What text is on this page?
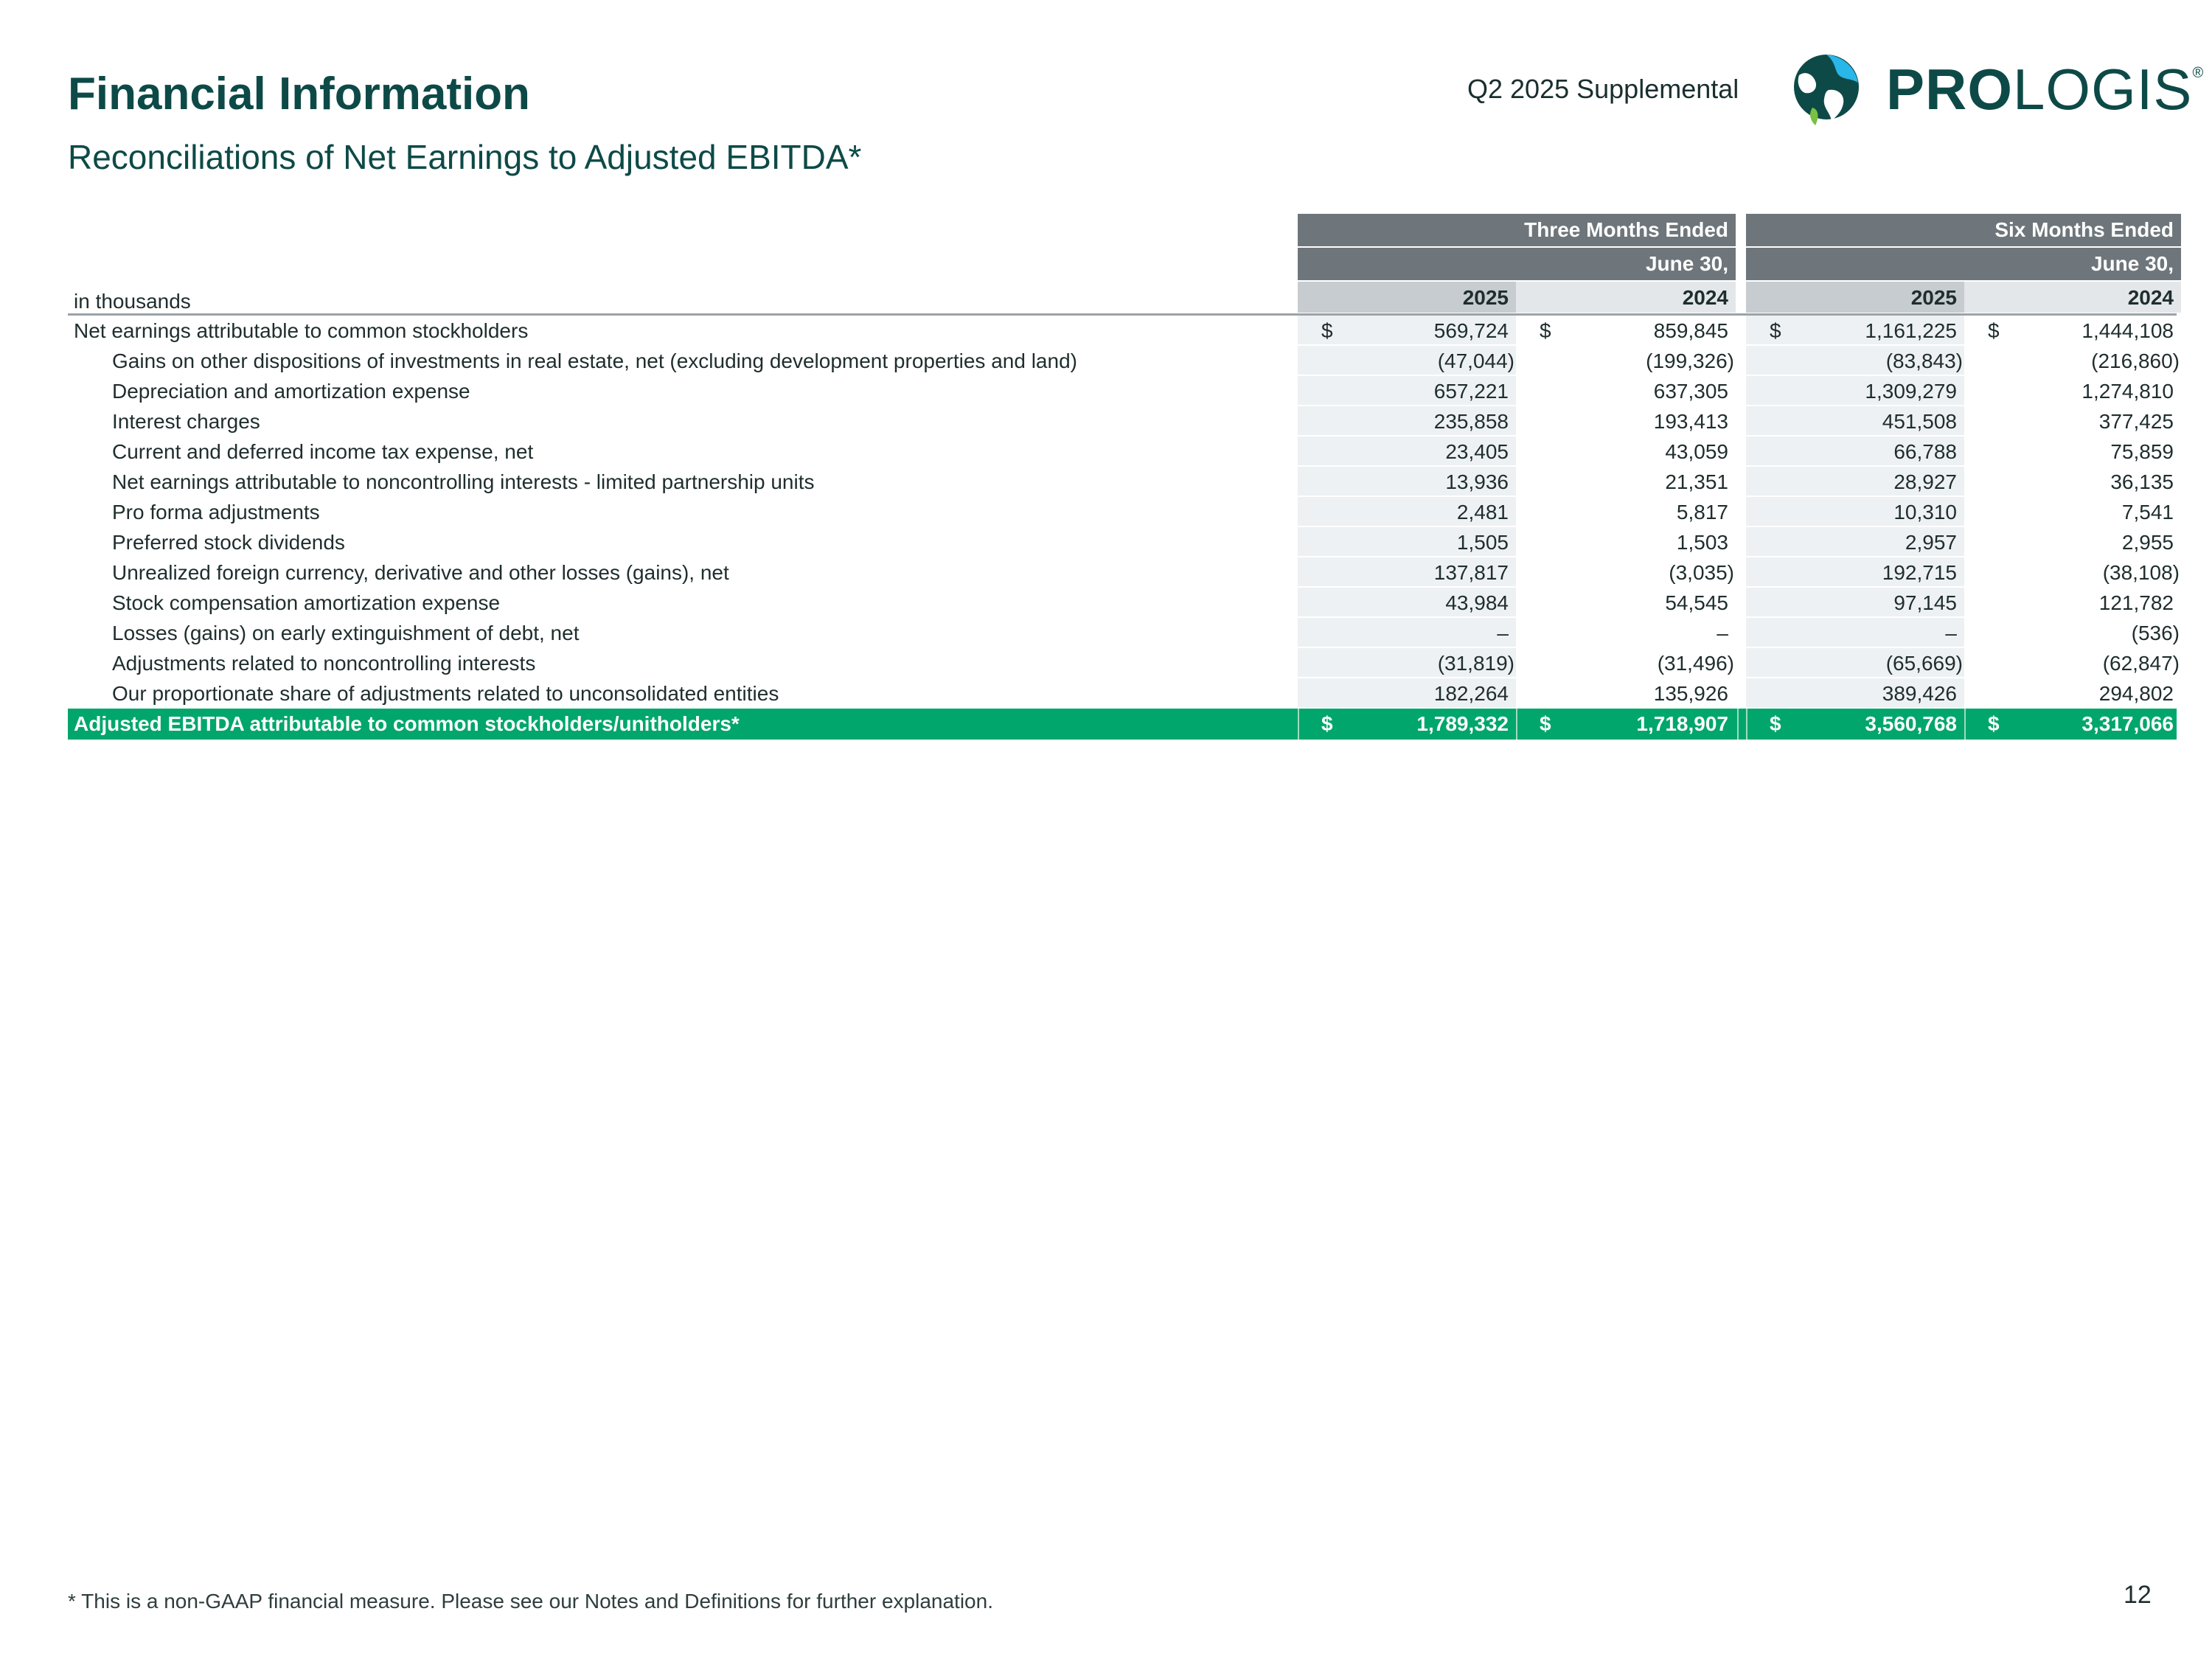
Financial Information
Reconciliations of Net Earnings to Adjusted EBITDA*
Q2 2025 Supplemental	PROLOGIS®
Three Months Ended	Six Months Ended
June 30,	June 30,
in thousands	2025	2024	2025	2024
Net earnings attributable to common stockholders	$	569,724	$	859,845	$	1,161,225	$	1,444,108
Gains on other dispositions of investments in real estate, net (excluding development properties and land)	(47,044)	(199,326)	(83,843)	(216,860)
Depreciation and amortization expense	657,221	637,305	1,309,279	1,274,810
Interest charges	235,858	193,413	451,508	377,425
Current and deferred income tax expense, net	23,405	43,059	66,788	75,859
Net earnings attributable to noncontrolling interests - limited partnership units	13,936	21,351	28,927	36,135
Pro forma adjustments	2,481	5,817	10,310	7,541
Preferred stock dividends	1,505	1,503	2,957	2,955
Unrealized foreign currency, derivative and other losses (gains), net	137,817	(3,035)	192,715	(38,108)
Stock compensation amortization expense	43,984	54,545	97,145	121,782
Losses (gains) on early extinguishment of debt, net	–	–	–	(536)
Adjustments related to noncontrolling interests	(31,819)	(31,496)	(65,669)	(62,847)
Our proportionate share of adjustments related to unconsolidated entities	182,264	135,926	389,426	294,802
Adjusted EBITDA attributable to common stockholders/unitholders*	$	1,789,332	$	1,718,907	$	3,560,768	$	3,317,066
* This is a non-GAAP financial measure. Please see our Notes and Definitions for further explanation.	12
